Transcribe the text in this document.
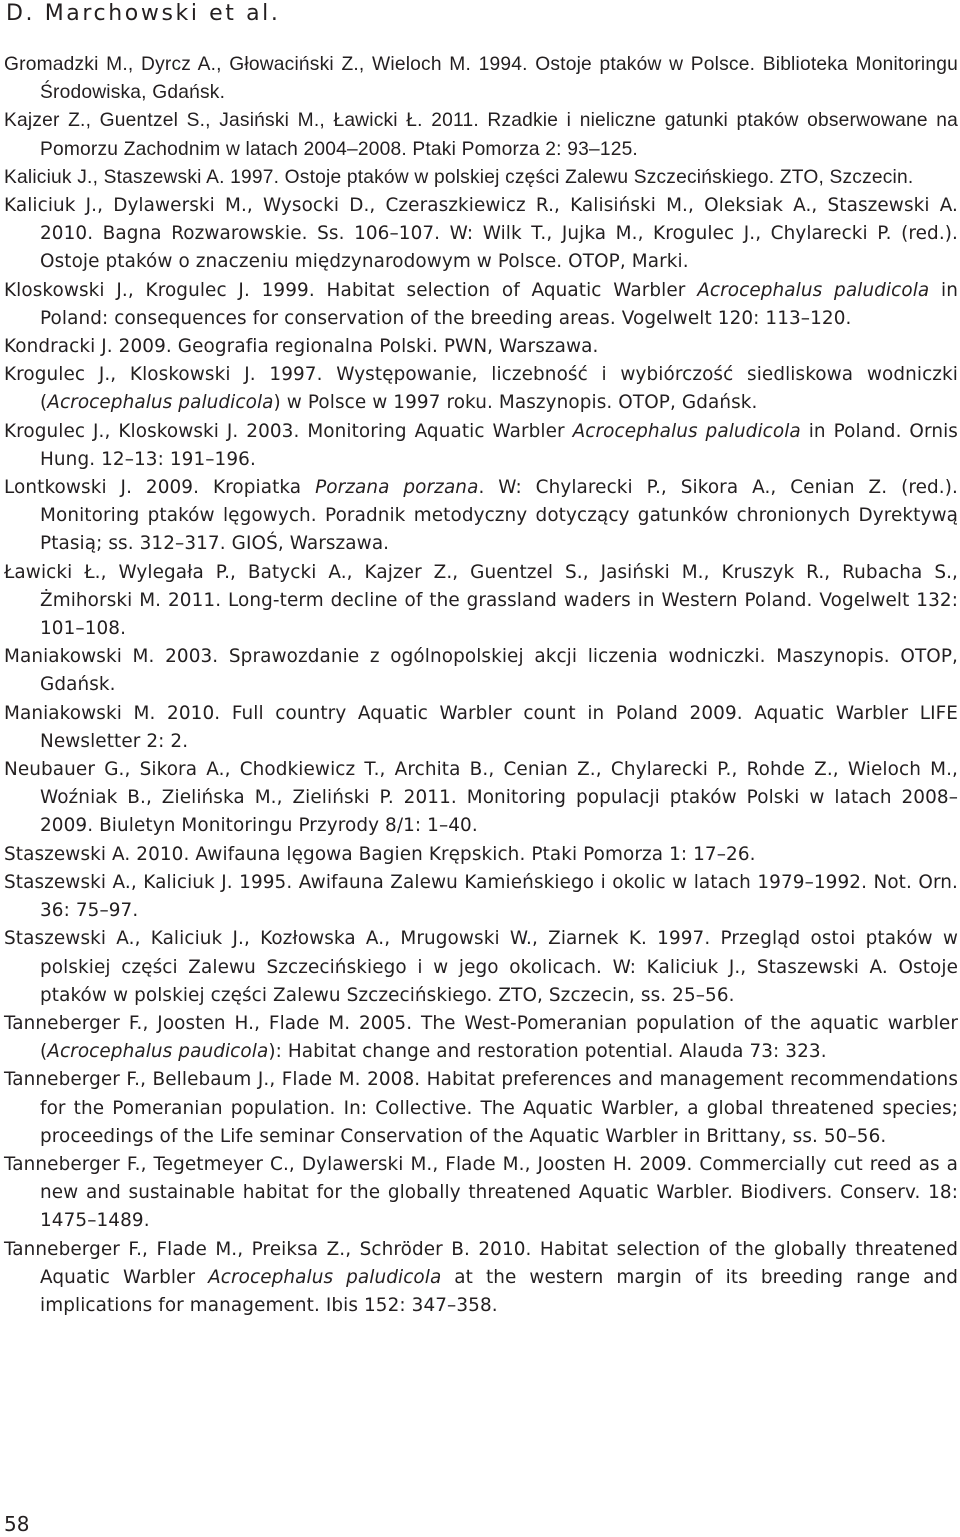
D. Marchowski et al.

Gromadzki M., Dyrcz A., Głowaciński Z., Wieloch M. 1994. Ostoje ptaków w Polsce. Biblioteka Monitoringu Środowiska, Gdańsk.

Kajzer Z., Guentzel S., Jasiński M., Ławicki Ł. 2011. Rzadkie i nieliczne gatunki ptaków obserwowane na Pomorzu Zachodnim w latach 2004–2008. Ptaki Pomorza 2: 93–125.

Kaliciuk J., Staszewski A. 1997. Ostoje ptaków w polskiej części Zalewu Szczecińskiego. ZTO, Szczecin.

Kaliciuk J., Dylawerski M., Wysocki D., Czeraszkiewicz R., Kalisiński M., Oleksiak A., Staszewski A. 2010. Bagna Rozwarowskie. Ss. 106–107. W: Wilk T., Jujka M., Krogulec J., Chylarecki P. (red.). Ostoje ptaków o znaczeniu międzynarodowym w Polsce. OTOP, Marki.

Kloskowski J., Krogulec J. 1999. Habitat selection of Aquatic Warbler Acrocephalus paludicola in Poland: consequences for conservation of the breeding areas. Vogelwelt 120: 113–120.

Kondracki J. 2009. Geografia regionalna Polski. PWN, Warszawa.

Krogulec J., Kloskowski J. 1997. Występowanie, liczebność i wybiórczość siedliskowa wodniczki (Acrocephalus paludicola) w Polsce w 1997 roku. Maszynopis. OTOP, Gdańsk.

Krogulec J., Kloskowski J. 2003. Monitoring Aquatic Warbler Acrocephalus paludicola in Poland. Ornis Hung. 12–13: 191–196.

Lontkowski J. 2009. Kropiatka Porzana porzana. W: Chylarecki P., Sikora A., Cenian Z. (red.). Monitoring ptaków lęgowych. Poradnik metodyczny dotyczący gatunków chronionych Dyrektywą Ptasią; ss. 312–317. GIOŚ, Warszawa.

Ławicki Ł., Wylegała P., Batycki A., Kajzer Z., Guentzel S., Jasiński M., Kruszyk R., Rubacha S., Żmihorski M. 2011. Long-term decline of the grassland waders in Western Poland. Vogelwelt 132: 101–108.

Maniakowski M. 2003. Sprawozdanie z ogólnopolskiej akcji liczenia wodniczki. Maszynopis. OTOP, Gdańsk.

Maniakowski M. 2010. Full country Aquatic Warbler count in Poland 2009. Aquatic Warbler LIFE Newsletter 2: 2.

Neubauer G., Sikora A., Chodkiewicz T., Archita B., Cenian Z., Chylarecki P., Rohde Z., Wieloch M., Woźniak B., Zielińska M., Zieliński P. 2011. Monitoring populacji ptaków Polski w latach 2008–2009. Biuletyn Monitoringu Przyrody 8/1: 1–40.

Staszewski A. 2010. Awifauna lęgowa Bagien Krępskich. Ptaki Pomorza 1: 17–26.

Staszewski A., Kaliciuk J. 1995. Awifauna Zalewu Kamieńskiego i okolic w latach 1979–1992. Not. Orn. 36: 75–97.

Staszewski A., Kaliciuk J., Kozłowska A., Mrugowski W., Ziarnek K. 1997. Przegląd ostoi ptaków w polskiej części Zalewu Szczecińskiego i w jego okolicach. W: Kaliciuk J., Staszewski A. Ostoje ptaków w polskiej części Zalewu Szczecińskiego. ZTO, Szczecin, ss. 25–56.

Tanneberger F., Joosten H., Flade M. 2005. The West-Pomeranian population of the aquatic warbler (Acrocephalus paudicola): Habitat change and restoration potential. Alauda 73: 323.

Tanneberger F., Bellebaum J., Flade M. 2008. Habitat preferences and management recommendations for the Pomeranian population. In: Collective. The Aquatic Warbler, a global threatened species; proceedings of the Life seminar Conservation of the Aquatic Warbler in Brittany, ss. 50–56.

Tanneberger F., Tegetmeyer C., Dylawerski M., Flade M., Joosten H. 2009. Commercially cut reed as a new and sustainable habitat for the globally threatened Aquatic Warbler. Biodivers. Conserv. 18: 1475–1489.

Tanneberger F., Flade M., Preiksa Z., Schröder B. 2010. Habitat selection of the globally threatened Aquatic Warbler Acrocephalus paludicola at the western margin of its breeding range and implications for management. Ibis 152: 347–358.

58
